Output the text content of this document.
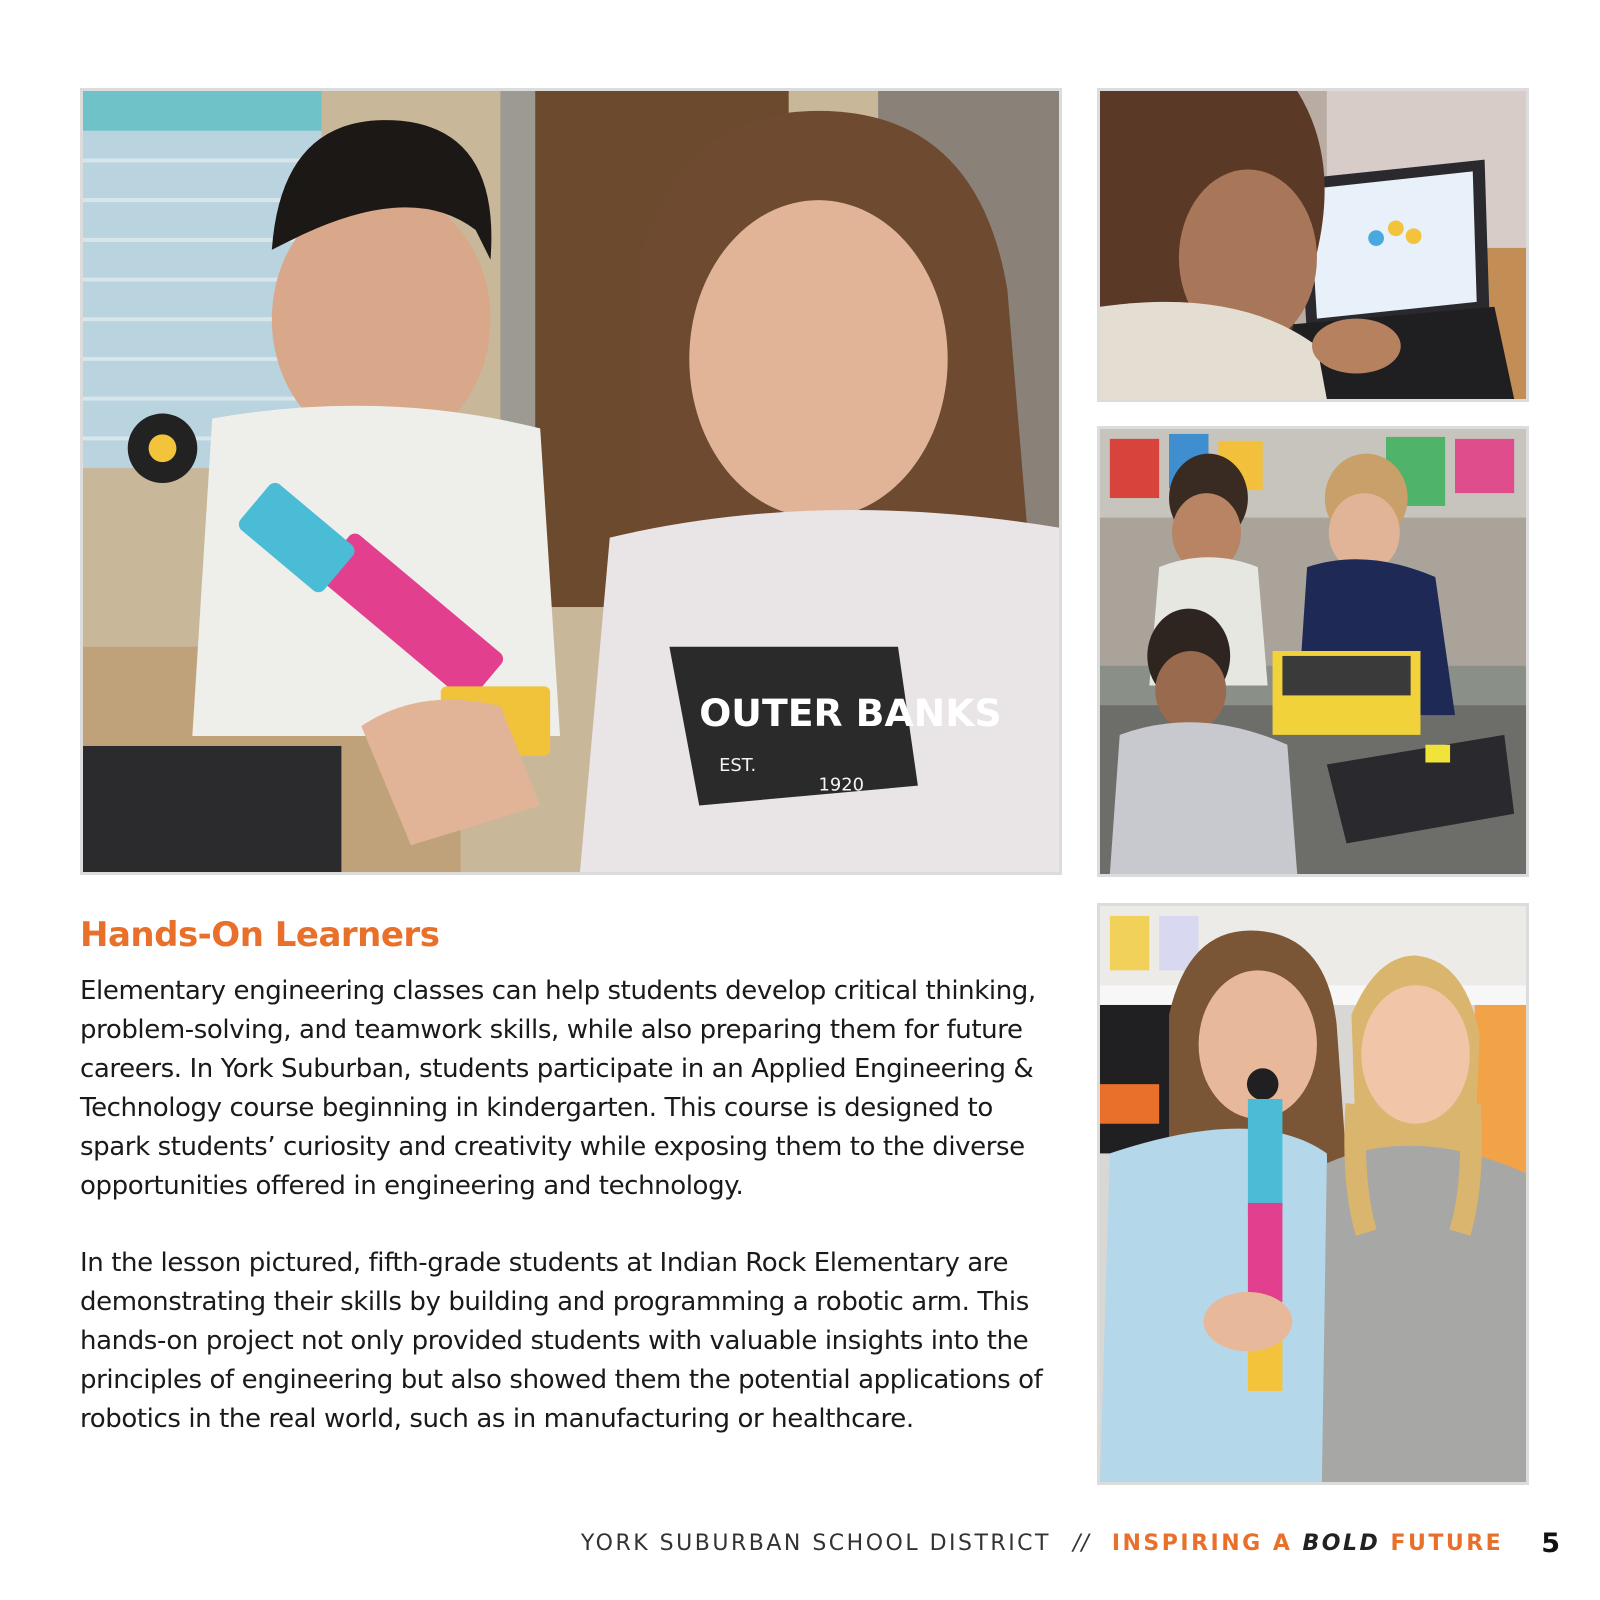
OUTER BANKS
EST.
1920
Hands-On Learners

Elementary engineering classes can help students develop critical thinking, problem-solving, and teamwork skills, while also preparing them for future careers. In York Suburban, students participate in an Applied Engineering & Technology course beginning in kindergarten. This course is designed to spark students’ curiosity and creativity while exposing them to the diverse opportunities offered in engineering and technology.

In the lesson pictured, fifth-grade students at Indian Rock Elementary are demonstrating their skills by building and programming a robotic arm. This hands-on project not only provided students with valuable insights into the principles of engineering but also showed them the potential applications of robotics in the real world, such as in manufacturing or healthcare.

YORK SUBURBAN SCHOOL DISTRICT // INSPIRING A BOLD FUTURE 5
